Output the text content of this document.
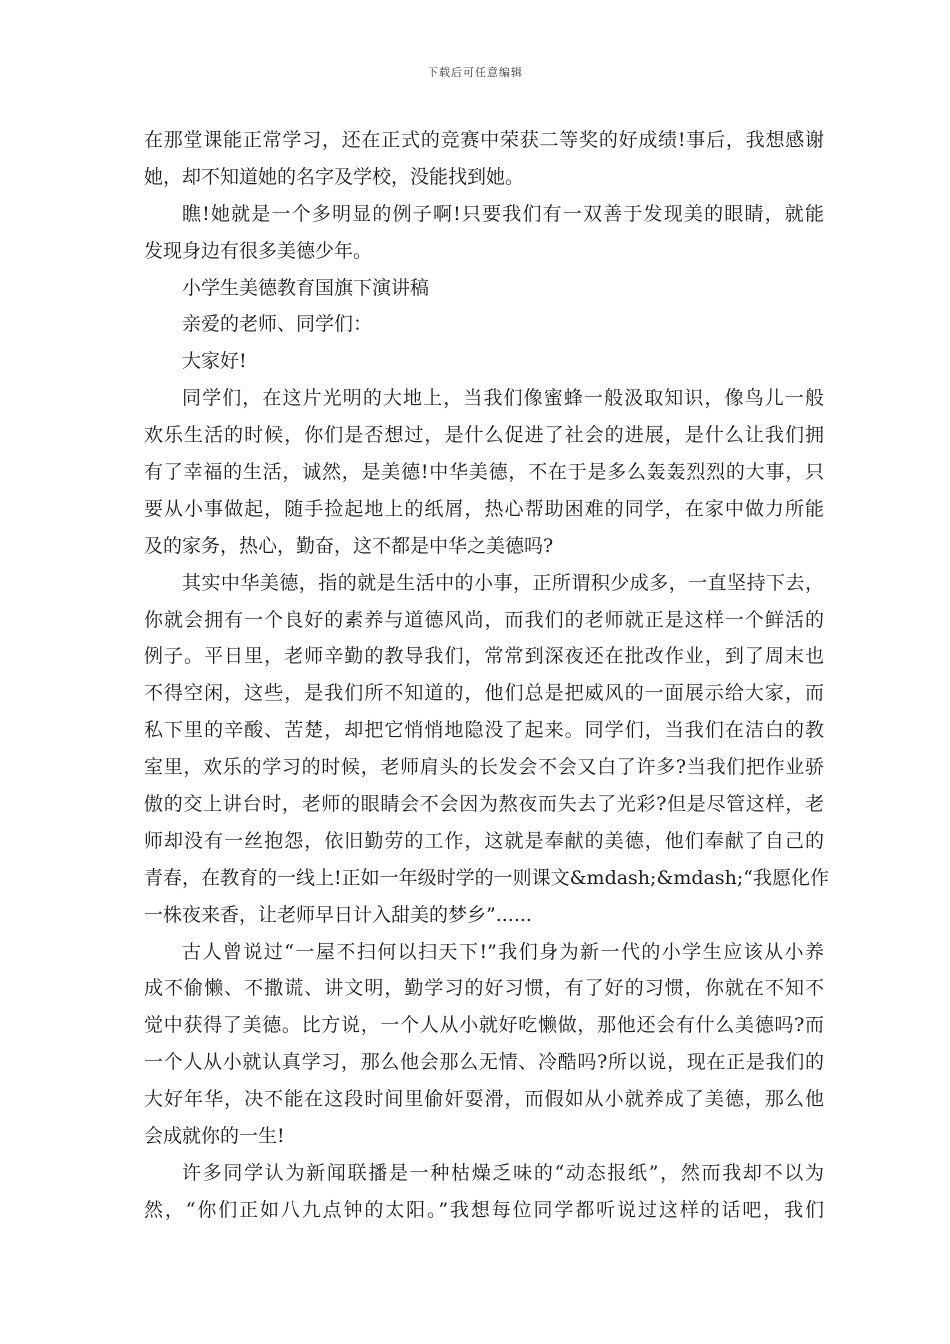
下载后可任意编辑
在那堂课能正常学习，还在正式的竞赛中荣获二等奖的好成绩!事后，我想感谢
她，却不知道她的名字及学校，没能找到她。
瞧!她就是一个多明显的例子啊!只要我们有一双善于发现美的眼睛，就能
发现身边有很多美德少年。
小学生美德教育国旗下演讲稿
亲爱的老师、同学们：
大家好!
同学们，在这片光明的大地上，当我们像蜜蜂一般汲取知识，像鸟儿一般
欢乐生活的时候，你们是否想过，是什么促进了社会的进展，是什么让我们拥
有了幸福的生活，诚然，是美德!中华美德，不在于是多么轰轰烈烈的大事，只
要从小事做起，随手捡起地上的纸屑，热心帮助困难的同学，在家中做力所能
及的家务，热心，勤奋，这不都是中华之美德吗?
其实中华美德，指的就是生活中的小事，正所谓积少成多，一直坚持下去，
你就会拥有一个良好的素养与道德风尚，而我们的老师就正是这样一个鲜活的
例子。平日里，老师辛勤的教导我们，常常到深夜还在批改作业，到了周末也
不得空闲，这些，是我们所不知道的，他们总是把威风的一面展示给大家，而
私下里的辛酸、苦楚，却把它悄悄地隐没了起来。同学们，当我们在洁白的教
室里，欢乐的学习的时候，老师肩头的长发会不会又白了许多?当我们把作业骄
傲的交上讲台时，老师的眼睛会不会因为熬夜而失去了光彩?但是尽管这样，老
师却没有一丝抱怨，依旧勤劳的工作，这就是奉献的美德，他们奉献了自己的
青春，在教育的一线上!正如一年级时学的一则课文&mdash;&mdash;“我愿化作
一株夜来香，让老师早日计入甜美的梦乡”......
古人曾说过“一屋不扫何以扫天下!”我们身为新一代的小学生应该从小养
成不偷懒、不撒谎、讲文明，勤学习的好习惯，有了好的习惯，你就在不知不
觉中获得了美德。比方说，一个人从小就好吃懒做，那他还会有什么美德吗?而
一个人从小就认真学习，那么他会那么无情、冷酷吗?所以说，现在正是我们的
大好年华，决不能在这段时间里偷奸耍滑，而假如从小就养成了美德，那么他
会成就你的一生!
许多同学认为新闻联播是一种枯燥乏味的“动态报纸”，然而我却不以为
然，“你们正如八九点钟的太阳。”我想每位同学都听说过这样的话吧，我们
